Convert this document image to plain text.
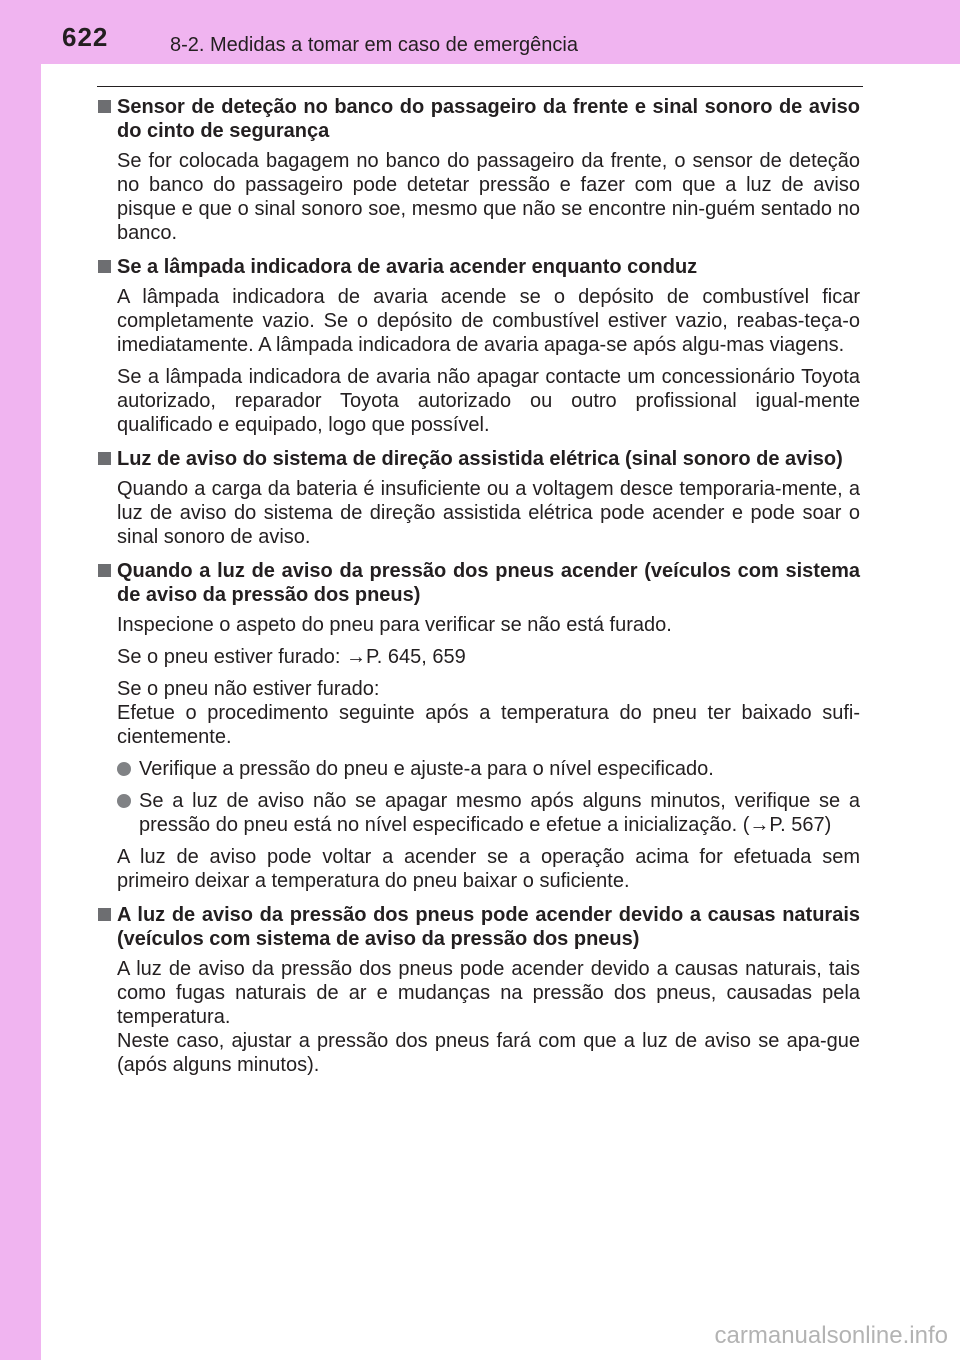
622	8-2. Medidas a tomar em caso de emergência
Sensor de deteção no banco do passageiro da frente e sinal sonoro de aviso do cinto de segurança
Se for colocada bagagem no banco do passageiro da frente, o sensor de deteção no banco do passageiro pode detetar pressão e fazer com que a luz de aviso pisque e que o sinal sonoro soe, mesmo que não se encontre nin-guém sentado no banco.
Se a lâmpada indicadora de avaria acender enquanto conduz
A lâmpada indicadora de avaria acende se o depósito de combustível ficar completamente vazio. Se o depósito de combustível estiver vazio, reabas-teça-o imediatamente. A lâmpada indicadora de avaria apaga-se após algu-mas viagens.
Se a lâmpada indicadora de avaria não apagar contacte um concessionário Toyota autorizado, reparador Toyota autorizado ou outro profissional igual-mente qualificado e equipado, logo que possível.
Luz de aviso do sistema de direção assistida elétrica (sinal sonoro de aviso)
Quando a carga da bateria é insuficiente ou a voltagem desce temporaria-mente, a luz de aviso do sistema de direção assistida elétrica pode acender e pode soar o sinal sonoro de aviso.
Quando a luz de aviso da pressão dos pneus acender (veículos com sistema de aviso da pressão dos pneus)
Inspecione o aspeto do pneu para verificar se não está furado.
Se o pneu estiver furado: →P. 645, 659
Se o pneu não estiver furado:
Efetue o procedimento seguinte após a temperatura do pneu ter baixado sufi-cientemente.
Verifique a pressão do pneu e ajuste-a para o nível especificado.
Se a luz de aviso não se apagar mesmo após alguns minutos, verifique se a pressão do pneu está no nível especificado e efetue a inicialização. (→P. 567)
A luz de aviso pode voltar a acender se a operação acima for efetuada sem primeiro deixar a temperatura do pneu baixar o suficiente.
A luz de aviso da pressão dos pneus pode acender devido a causas naturais (veículos com sistema de aviso da pressão dos pneus)
A luz de aviso da pressão dos pneus pode acender devido a causas naturais, tais como fugas naturais de ar e mudanças na pressão dos pneus, causadas pela temperatura.
Neste caso, ajustar a pressão dos pneus fará com que a luz de aviso se apa-gue (após alguns minutos).
carmanualsonline.info
